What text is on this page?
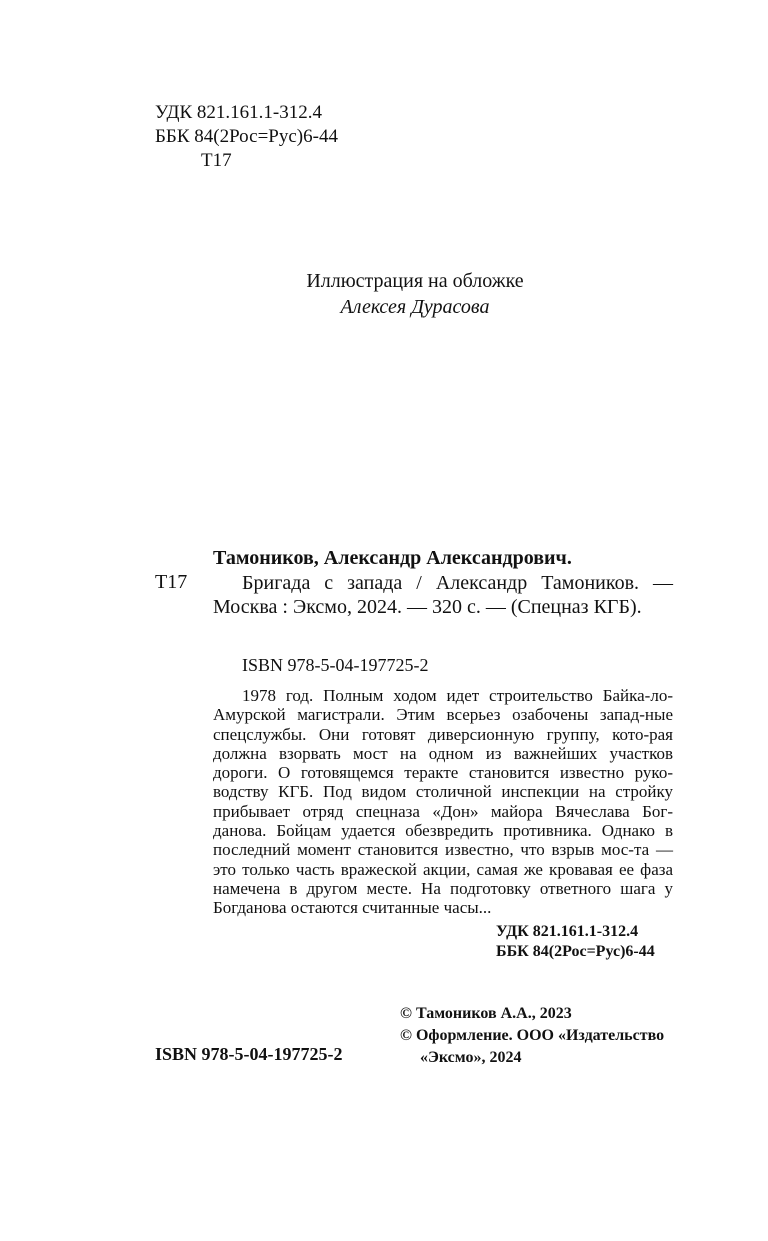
УДК 821.161.1-312.4
ББК 84(2Рос=Рус)6-44
Т17
Иллюстрация на обложке
Алексея Дурасова
Тамоников, Александр Александрович.
Т17	Бригада с запада / Александр Тамоников. — Москва : Эксмо, 2024. — 320 с. — (Спецназ КГБ).

ISBN 978-5-04-197725-2

1978 год. Полным ходом идет строительство Байка-ло-Амурской магистрали. Этим всерьез озабочены запад-ные спецслужбы. Они готовят диверсионную группу, кото-рая должна взорвать мост на одном из важнейших участков дороги. О готовящемся теракте становится известно руко-водству КГБ. Под видом столичной инспекции на стройку прибывает отряд спецназа «Дон» майора Вячеслава Бог-данова. Бойцам удается обезвредить противника. Однако в последний момент становится известно, что взрыв мос-та — это только часть вражеской акции, самая же кровавая ее фаза намечена в другом месте. На подготовку ответного шага у Богданова остаются считанные часы...

УДК 821.161.1-312.4
ББК 84(2Рос=Рус)6-44
© Тамоников А.А., 2023
© Оформление. ООО «Издательство
«Эксмо», 2024
ISBN 978-5-04-197725-2
